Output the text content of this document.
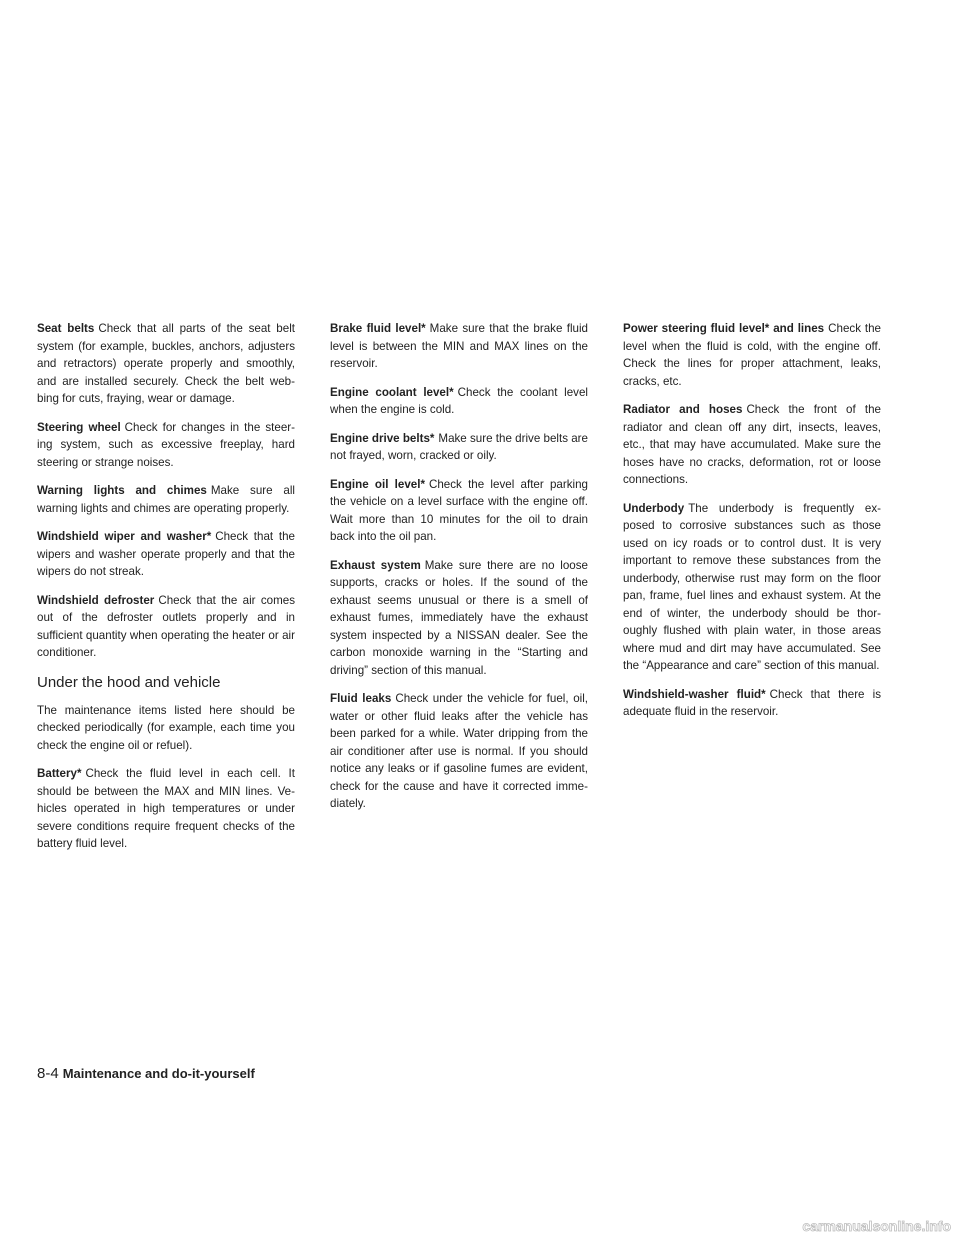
Seat belts Check that all parts of the seat belt system (for example, buckles, anchors, adjusters and retractors) operate properly and smoothly, and are installed securely. Check the belt web-bing for cuts, fraying, wear or damage.

Steering wheel Check for changes in the steer-ing system, such as excessive freeplay, hard steering or strange noises.

Warning lights and chimes Make sure all warning lights and chimes are operating properly.

Windshield wiper and washer* Check that the wipers and washer operate properly and that the wipers do not streak.

Windshield defroster Check that the air comes out of the defroster outlets properly and in sufficient quantity when operating the heater or air conditioner.

Under the hood and vehicle

The maintenance items listed here should be checked periodically (for example, each time you check the engine oil or refuel).

Battery* Check the fluid level in each cell. It should be between the MAX and MIN lines. Ve-hicles operated in high temperatures or under severe conditions require frequent checks of the battery fluid level.

Brake fluid level* Make sure that the brake fluid level is between the MIN and MAX lines on the reservoir.

Engine coolant level* Check the coolant level when the engine is cold.

Engine drive belts* Make sure the drive belts are not frayed, worn, cracked or oily.

Engine oil level* Check the level after parking the vehicle on a level surface with the engine off. Wait more than 10 minutes for the oil to drain back into the oil pan.

Exhaust system Make sure there are no loose supports, cracks or holes. If the sound of the exhaust seems unusual or there is a smell of exhaust fumes, immediately have the exhaust system inspected by a NISSAN dealer. See the carbon monoxide warning in the “Starting and driving” section of this manual.

Fluid leaks Check under the vehicle for fuel, oil, water or other fluid leaks after the vehicle has been parked for a while. Water dripping from the air conditioner after use is normal. If you should notice any leaks or if gasoline fumes are evident, check for the cause and have it corrected imme-diately.

Power steering fluid level* and lines Check the level when the fluid is cold, with the engine off. Check the lines for proper attachment, leaks, cracks, etc.

Radiator and hoses Check the front of the radiator and clean off any dirt, insects, leaves, etc., that may have accumulated. Make sure the hoses have no cracks, deformation, rot or loose connections.

Underbody The underbody is frequently ex-posed to corrosive substances such as those used on icy roads or to control dust. It is very important to remove these substances from the underbody, otherwise rust may form on the floor pan, frame, fuel lines and exhaust system. At the end of winter, the underbody should be thor-oughly flushed with plain water, in those areas where mud and dirt may have accumulated. See the “Appearance and care” section of this manual.

Windshield-washer fluid* Check that there is adequate fluid in the reservoir.

8-4 Maintenance and do-it-yourself
carmanualsonline.info
